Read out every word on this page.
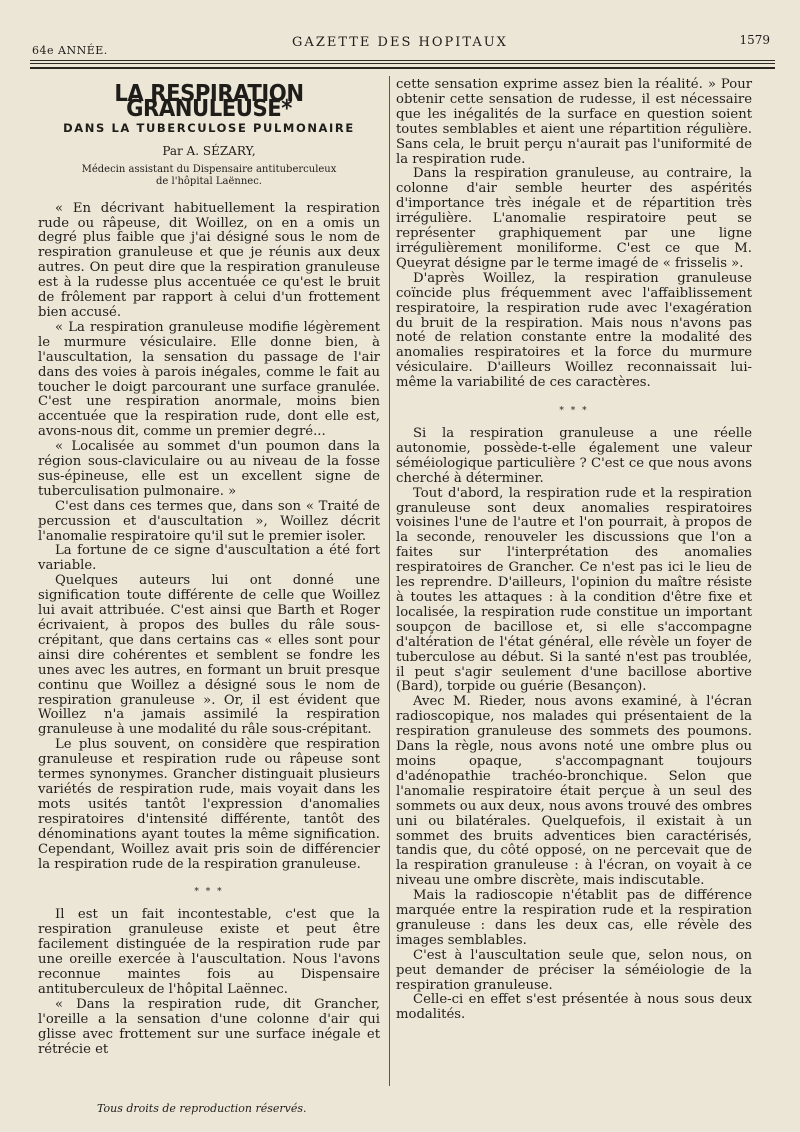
64e ANNÉE.
GAZETTE DES HOPITAUX	1579
LA RESPIRATION GRANULEUSE*
DANS LA TUBERCULOSE PULMONAIRE
Par A. SÉZARY,
Médecin assistant du Dispensaire antituberculeux
de l'hôpital Laënnec.

« En décrivant habituellement la respiration rude ou râpeuse, dit Woillez, on en a omis un degré plus faible que j'ai désigné sous le nom de respiration granuleuse et que je réunis aux deux autres. On peut dire que la respiration granuleuse est à la rudesse plus accentuée ce qu'est le bruit de frôlement par rapport à celui d'un frottement bien accusé.

« La respiration granuleuse modifie légèrement le murmure vésiculaire. Elle donne bien, à l'auscultation, la sensation du passage de l'air dans des voies à parois inégales, comme le fait au toucher le doigt parcourant une surface granulée. C'est une respiration anormale, moins bien accentuée que la respiration rude, dont elle est, avons-nous dit, comme un premier degré...

« Localisée au sommet d'un poumon dans la région sous-claviculaire ou au niveau de la fosse sus-épineuse, elle est un excellent signe de tuberculisation pulmonaire. »

C'est dans ces termes que, dans son « Traité de percussion et d'auscultation », Woillez décrit l'anomalie respiratoire qu'il sut le premier isoler.

La fortune de ce signe d'auscultation a été fort variable.

Quelques auteurs lui ont donné une signification toute différente de celle que Woillez lui avait attribuée. C'est ainsi que Barth et Roger écrivaient, à propos des bulles du râle sous-crépitant, que dans certains cas « elles sont pour ainsi dire cohérentes et semblent se fondre les unes avec les autres, en formant un bruit presque continu que Woillez a désigné sous le nom de respiration granuleuse ». Or, il est évident que Woillez n'a jamais assimilé la respiration granuleuse à une modalité du râle sous-crépitant.

Le plus souvent, on considère que respiration granuleuse et respiration rude ou râpeuse sont termes synonymes. Grancher distinguait plusieurs variétés de respiration rude, mais voyait dans les mots usités tantôt l'expression d'anomalies respiratoires d'intensité différente, tantôt des dénominations ayant toutes la même signification. Cependant, Woillez avait pris soin de différencier la respiration rude de la respiration granuleuse.

* * *

Il est un fait incontestable, c'est que la respiration granuleuse existe et peut être facilement distinguée de la respiration rude par une oreille exercée à l'auscultation. Nous l'avons reconnue maintes fois au Dispensaire antituberculeux de l'hôpital Laënnec.

« Dans la respiration rude, dit Grancher, l'oreille a la sensation d'une colonne d'air qui glisse avec frottement sur une surface inégale et rétrécie et

cette sensation exprime assez bien la réalité. » Pour obtenir cette sensation de rudesse, il est nécessaire que les inégalités de la surface en question soient toutes semblables et aient une répartition régulière. Sans cela, le bruit perçu n'aurait pas l'uniformité de la respiration rude.

Dans la respiration granuleuse, au contraire, la colonne d'air semble heurter des aspérités d'importance très inégale et de répartition très irrégulière. L'anomalie respiratoire peut se représenter graphiquement par une ligne irrégulièrement moniliforme. C'est ce que M. Queyrat désigne par le terme imagé de « frisselis ».

D'après Woillez, la respiration granuleuse coïncide plus fréquemment avec l'affaiblissement respiratoire, la respiration rude avec l'exagération du bruit de la respiration. Mais nous n'avons pas noté de relation constante entre la modalité des anomalies respiratoires et la force du murmure vésiculaire. D'ailleurs Woillez reconnaissait lui-même la variabilité de ces caractères.

* * *

Si la respiration granuleuse a une réelle autonomie, possède-t-elle également une valeur séméiologique particulière ? C'est ce que nous avons cherché à déterminer.

Tout d'abord, la respiration rude et la respiration granuleuse sont deux anomalies respiratoires voisines l'une de l'autre et l'on pourrait, à propos de la seconde, renouveler les discussions que l'on a faites sur l'interprétation des anomalies respiratoires de Grancher. Ce n'est pas ici le lieu de les reprendre. D'ailleurs, l'opinion du maître résiste à toutes les attaques : à la condition d'être fixe et localisée, la respiration rude constitue un important soupçon de bacillose et, si elle s'accompagne d'altération de l'état général, elle révèle un foyer de tuberculose au début. Si la santé n'est pas troublée, il peut s'agir seulement d'une bacillose abortive (Bard), torpide ou guérie (Besançon).

Avec M. Rieder, nous avons examiné, à l'écran radioscopique, nos malades qui présentaient de la respiration granuleuse des sommets des poumons. Dans la règle, nous avons noté une ombre plus ou moins opaque, s'accompagnant toujours d'adénopathie trachéo-bronchique. Selon que l'anomalie respiratoire était perçue à un seul des sommets ou aux deux, nous avons trouvé des ombres uni ou bilatérales. Quelquefois, il existait à un sommet des bruits adventices bien caractérisés, tandis que, du côté opposé, on ne percevait que de la respiration granuleuse : à l'écran, on voyait à ce niveau une ombre discrète, mais indiscutable.

Mais la radioscopie n'établit pas de différence marquée entre la respiration rude et la respiration granuleuse : dans les deux cas, elle révèle des images semblables.

C'est à l'auscultation seule que, selon nous, on peut demander de préciser la séméiologie de la respiration granuleuse.

Celle-ci en effet s'est présentée à nous sous deux modalités.

Tous droits de reproduction réservés.
